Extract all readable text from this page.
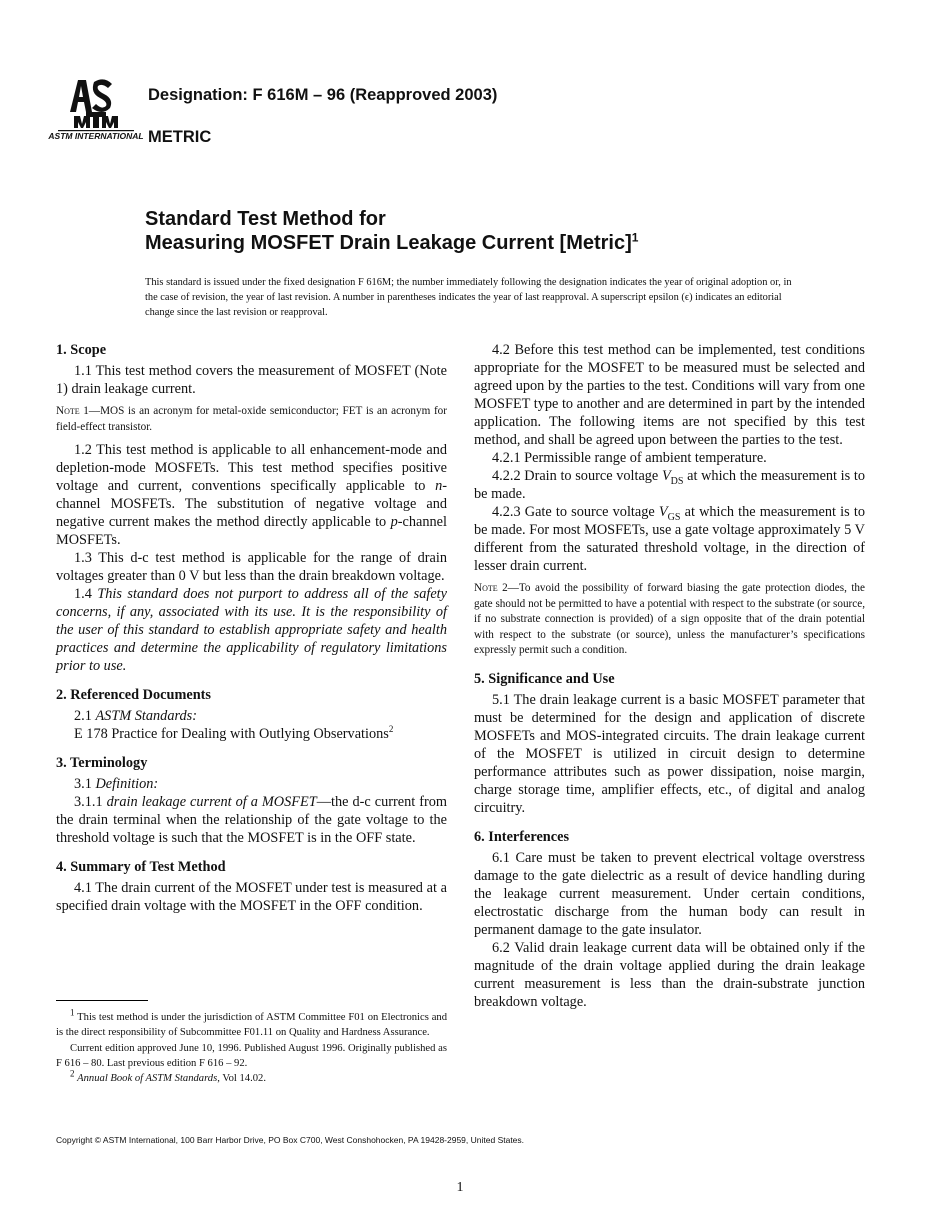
ASTM INTERNATIONAL
Designation: F 616M – 96 (Reapproved 2003)
METRIC
Standard Test Method for
Measuring MOSFET Drain Leakage Current [Metric]$^1$
This standard is issued under the fixed designation F 616M; the number immediately following the designation indicates the year of original adoption or, in the case of revision, the year of last revision. A number in parentheses indicates the year of last reapproval. A superscript epsilon (ϵ) indicates an editorial change since the last revision or reapproval.
1. Scope

1.1 This test method covers the measurement of MOSFET (Note 1) drain leakage current.

Note 1—MOS is an acronym for metal-oxide semiconductor; FET is an acronym for field-effect transistor.

1.2 This test method is applicable to all enhancement-mode and depletion-mode MOSFETs. This test method specifies positive voltage and current, conventions specifically applicable to n-channel MOSFETs. The substitution of negative voltage and negative current makes the method directly applicable to p-channel MOSFETs.

1.3 This d-c test method is applicable for the range of drain voltages greater than 0 V but less than the drain breakdown voltage.

1.4 This standard does not purport to address all of the safety concerns, if any, associated with its use. It is the responsibility of the user of this standard to establish appropriate safety and health practices and determine the applicability of regulatory limitations prior to use.

2. Referenced Documents

2.1 ASTM Standards:

E 178 Practice for Dealing with Outlying Observations$^2$

3. Terminology

3.1 Definition:

3.1.1 drain leakage current of a MOSFET—the d-c current from the drain terminal when the relationship of the gate voltage to the threshold voltage is such that the MOSFET is in the OFF state.

4. Summary of Test Method

4.1 The drain current of the MOSFET under test is measured at a specified drain voltage with the MOSFET in the OFF condition.

4.2 Before this test method can be implemented, test conditions appropriate for the MOSFET to be measured must be selected and agreed upon by the parties to the test. Conditions will vary from one MOSFET type to another and are determined in part by the intended application. The following items are not specified by this test method, and shall be agreed upon between the parties to the test.

4.2.1 Permissible range of ambient temperature.

4.2.2 Drain to source voltage $V_{DS}$ at which the measurement is to be made.

4.2.3 Gate to source voltage $V_{GS}$ at which the measurement is to be made. For most MOSFETs, use a gate voltage approximately 5 V different from the saturated threshold voltage, in the direction of lesser drain current.

Note 2—To avoid the possibility of forward biasing the gate protection diodes, the gate should not be permitted to have a potential with respect to the substrate (or source, if no substrate connection is provided) of a sign opposite that of the drain potential with respect to the substrate (or source), unless the manufacturer’s specifications expressly permit such a condition.
5. Significance and Use

5.1 The drain leakage current is a basic MOSFET parameter that must be determined for the design and application of discrete MOSFETs and MOS-integrated circuits. The drain leakage current of the MOSFET is utilized in circuit design to determine performance attributes such as power dissipation, noise margin, charge storage time, amplifier effects, etc., of digital and analog circuitry.

6. Interferences

6.1 Care must be taken to prevent electrical voltage overstress damage to the gate dielectric as a result of device handling during the leakage current measurement. Under certain conditions, electrostatic discharge from the human body can result in permanent damage to the gate insulator.

6.2 Valid drain leakage current data will be obtained only if the magnitude of the drain voltage applied during the drain leakage current measurement is less than the drain-substrate junction breakdown voltage.

$^1$ This test method is under the jurisdiction of ASTM Committee F01 on Electronics and is the direct responsibility of Subcommittee F01.11 on Quality and Hardness Assurance.

Current edition approved June 10, 1996. Published August 1996. Originally published as F 616 – 80. Last previous edition F 616 – 92.

$^2$ Annual Book of ASTM Standards, Vol 14.02.

Copyright © ASTM International, 100 Barr Harbor Drive, PO Box C700, West Conshohocken, PA 19428-2959, United States.
1
